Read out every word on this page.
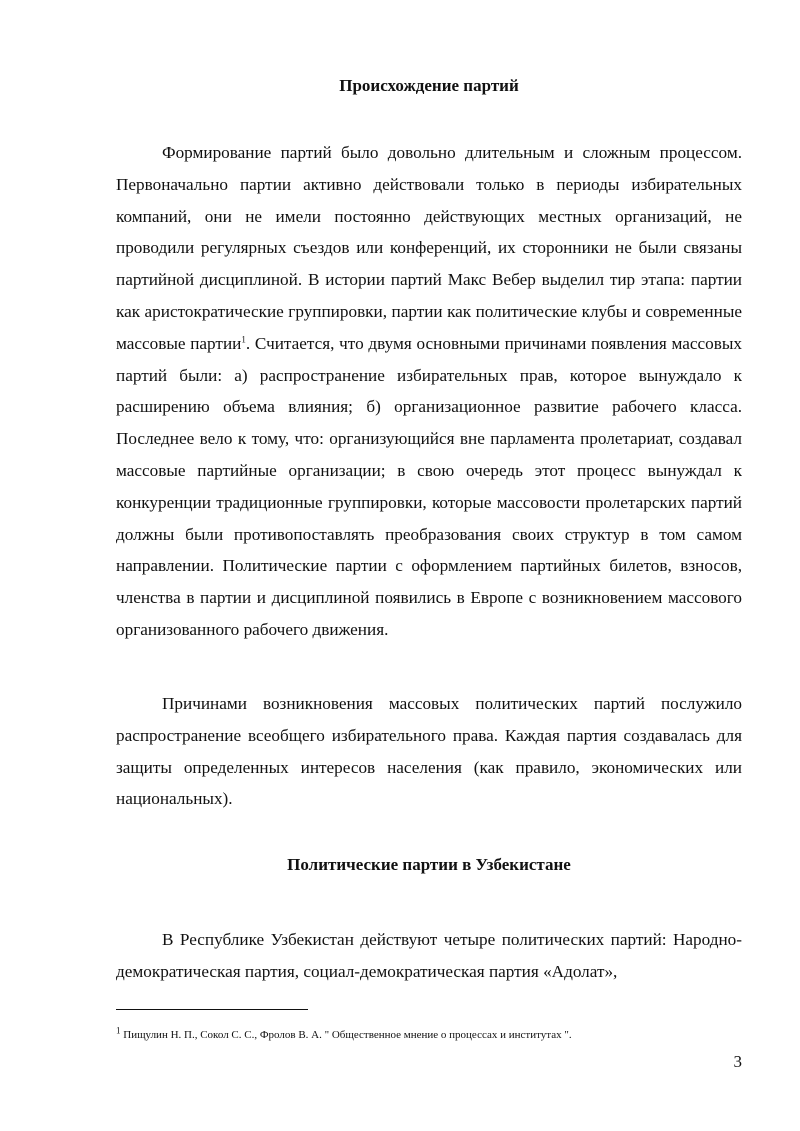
Происхождение партий

Формирование партий было довольно длительным и сложным процессом. Первоначально партии активно действовали только в периоды избирательных компаний, они не имели постоянно действующих местных организаций, не проводили регулярных съездов или конференций, их сторонники не были связаны партийной дисциплиной. В истории партий Макс Вебер выделил тир этапа: партии как аристократические группировки, партии как политические клубы и современные массовые партии$^1$. Считается, что двумя основными причинами появления массовых партий были: а) распространение избирательных прав, которое вынуждало к расширению объема влияния; б) организационное развитие рабочего класса. Последнее вело к тому, что: организующийся вне парламента пролетариат, создавал массовые партийные организации; в свою очередь этот процесс вынуждал к конкуренции традиционные группировки, которые массовости пролетарских партий должны были противопоставлять преобразования своих структур в том самом направлении. Политические партии с оформлением партийных билетов, взносов, членства в партии и дисциплиной появились в Европе с возникновением массового организованного рабочего движения.

Причинами возникновения массовых политических партий послужило распространение всеобщего избирательного права. Каждая партия создавалась для защиты определенных интересов населения (как правило, экономических или национальных).

Политические партии в Узбекистане

В Республике Узбекистан действуют четыре политических партий: Народно-демократическая партия, социал-демократическая партия «Адолат»,

$^1$ Пищулин Н. П., Сокол С. С., Фролов В. А. " Общественное мнение о процессах и институтах ".

3
